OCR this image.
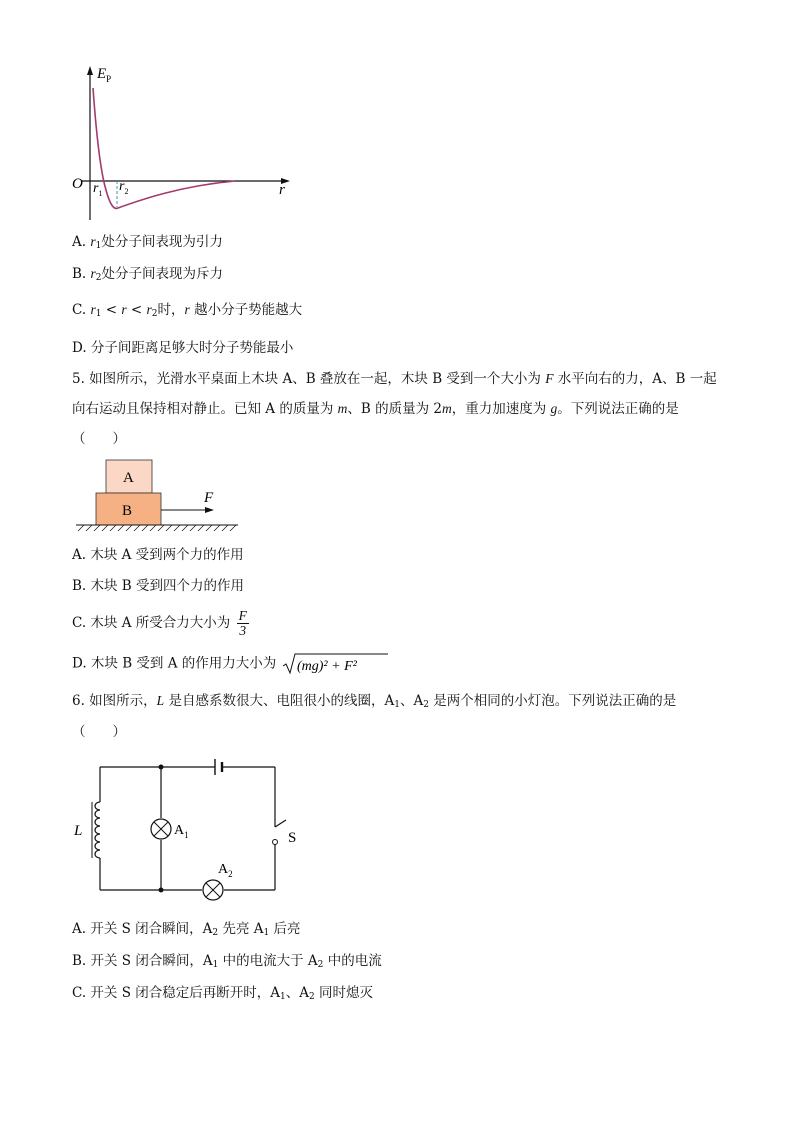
$E_P$
O	r
$r_1$ $r_2$
A. $r_1$处分子间表现为引力
B. $r_2$处分子间表现为斥力
C. $r_1 < r < r_2$时，r 越小分子势能越大
D. 分子间距离足够大时分子势能最小
5. 如图所示，光滑水平桌面上木块 A、B 叠放在一起，木块 B 受到一个大小为 F 水平向右的力，A、B 一起向右运动且保持相对静止。已知 A 的质量为 m、B 的质量为 2m，重力加速度为 g。下列说法正确的是
（　　）
A
B
F
A. 木块 A 受到两个力的作用
B. 木块 B 受到四个力的作用
C. 木块 A 所受合力大小为 $\frac{F}{3}$
D. 木块 B 受到 A 的作用力大小为 (mg)² + F²
6. 如图所示，L 是自感系数很大、电阻很小的线圈，$A_1$、$A_2$ 是两个相同的小灯泡。下列说法正确的是
（　　）
S
$A_2$
L	$A_1$
A. 开关 S 闭合瞬间，$A_2$ 先亮 $A_1$ 后亮
B. 开关 S 闭合瞬间，$A_1$ 中的电流大于 $A_2$ 中的电流
C. 开关 S 闭合稳定后再断开时，$A_1$、$A_2$ 同时熄灭
